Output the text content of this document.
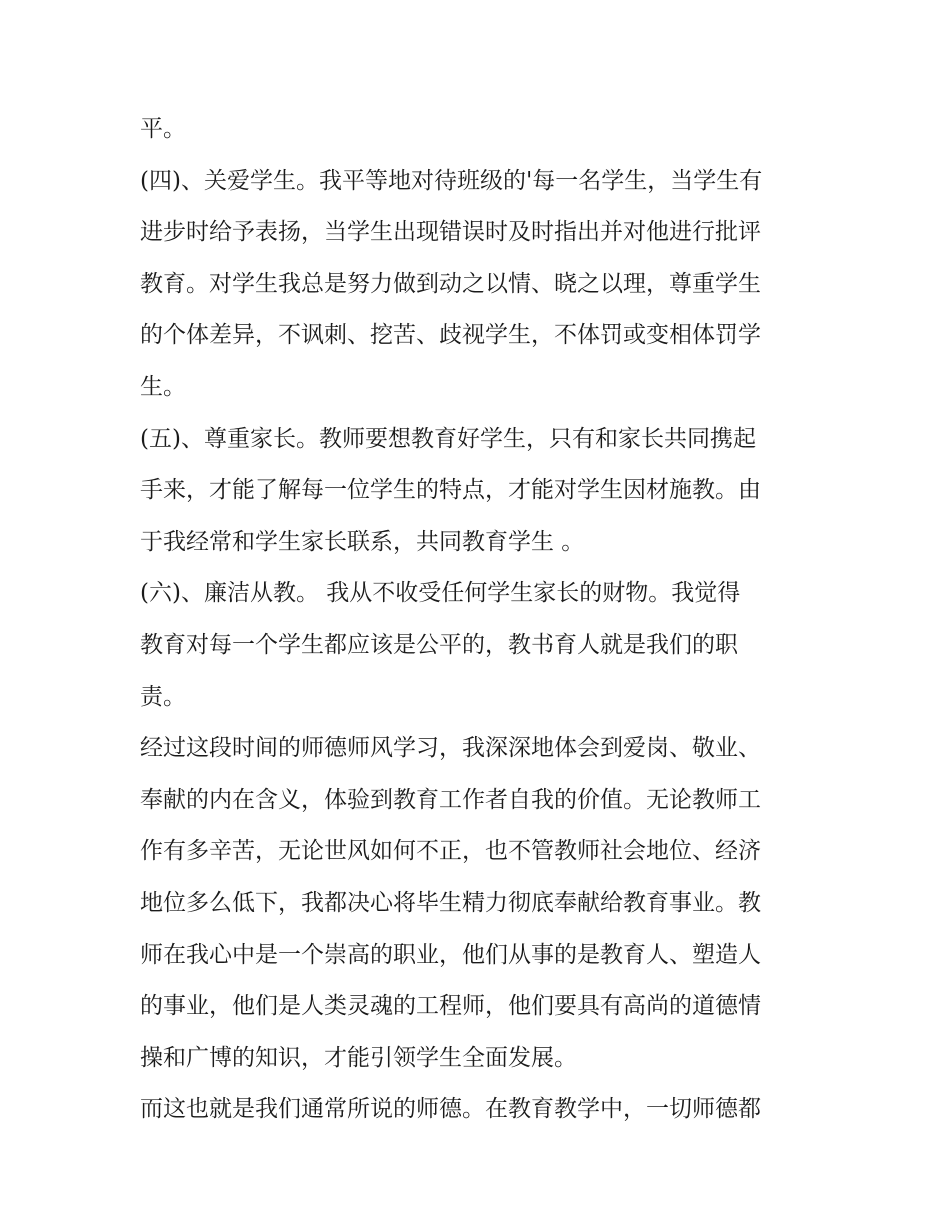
平。
(四)、关爱学生。我平等地对待班级的'每一名学生，当学生有
进步时给予表扬，当学生出现错误时及时指出并对他进行批评
教育。对学生我总是努力做到动之以情、晓之以理，尊重学生
的个体差异，不讽刺、挖苦、歧视学生，不体罚或变相体罚学
生。
(五)、尊重家长。教师要想教育好学生，只有和家长共同携起
手来，才能了解每一位学生的特点，才能对学生因材施教。由
于我经常和学生家长联系，共同教育学生 。
(六)、廉洁从教。 我从不收受任何学生家长的财物。我觉得
教育对每一个学生都应该是公平的，教书育人就是我们的职
责。
经过这段时间的师德师风学习，我深深地体会到爱岗、敬业、
奉献的内在含义，体验到教育工作者自我的价值。无论教师工
作有多辛苦，无论世风如何不正，也不管教师社会地位、经济
地位多么低下，我都决心将毕生精力彻底奉献给教育事业。教
师在我心中是一个崇高的职业，他们从事的是教育人、塑造人
的事业，他们是人类灵魂的工程师，他们要具有高尚的道德情
操和广博的知识，才能引领学生全面发展。
而这也就是我们通常所说的师德。在教育教学中，一切师德都
